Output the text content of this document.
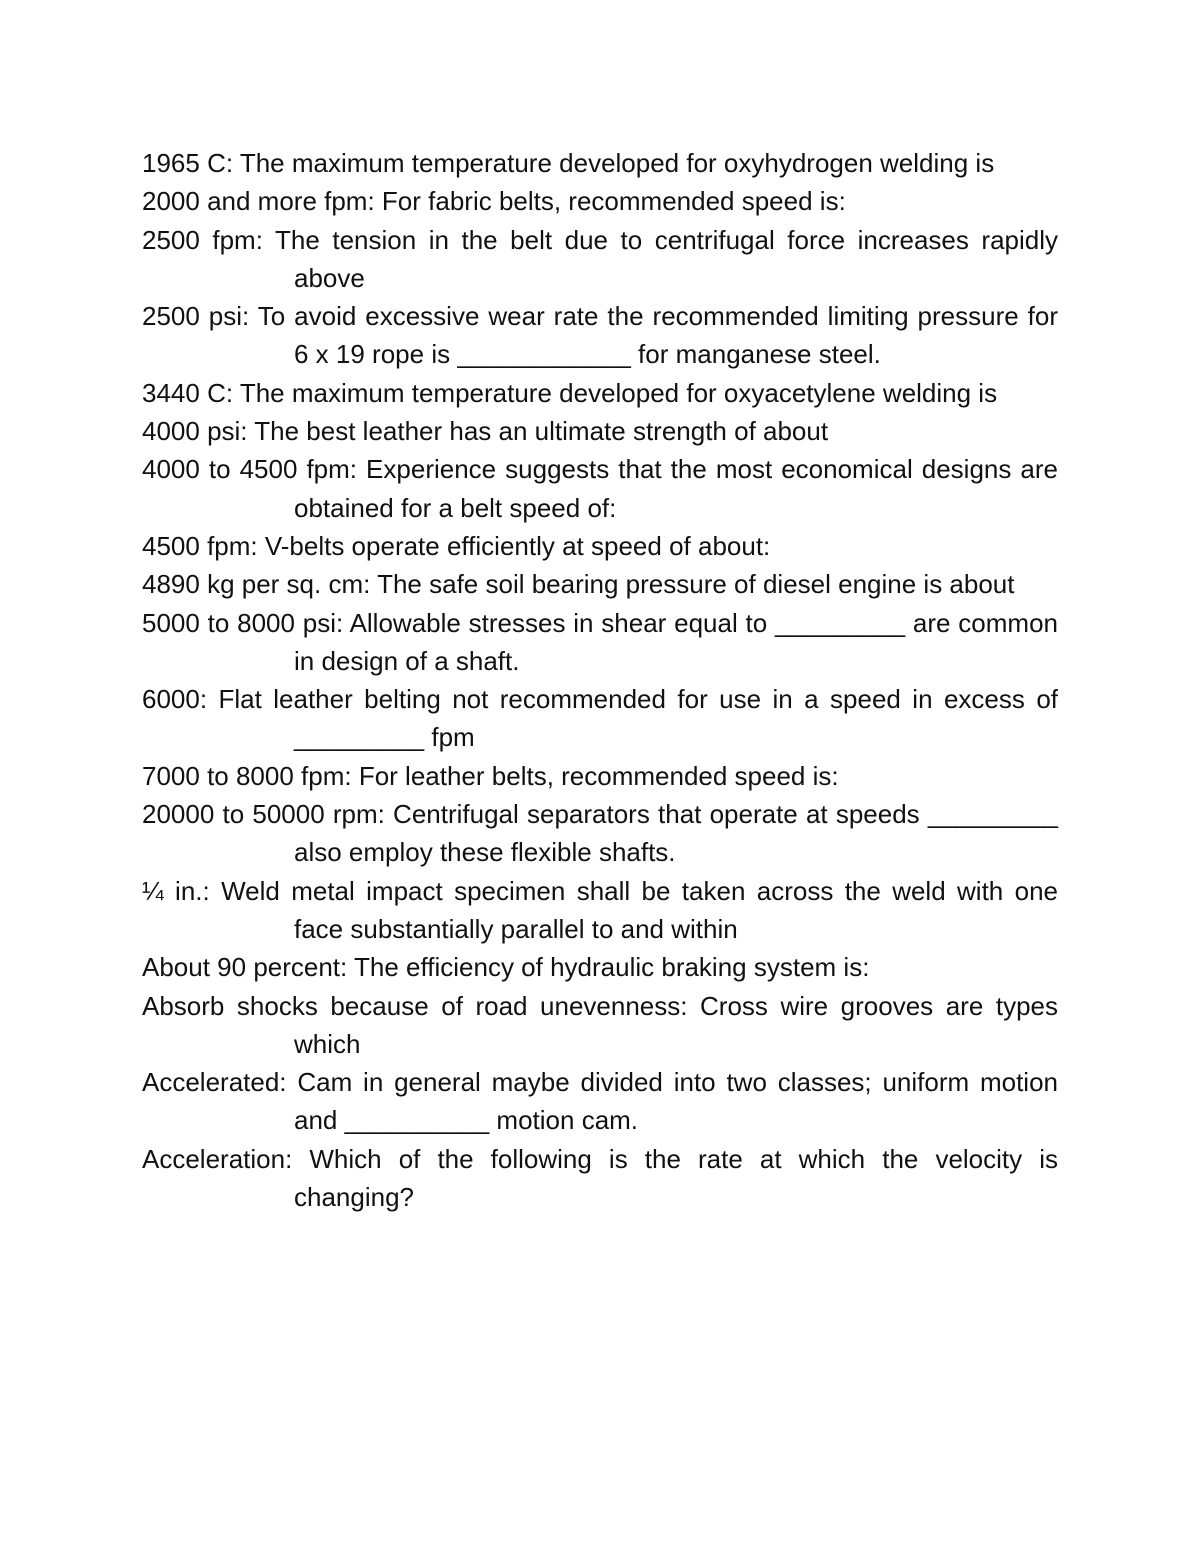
1965 C: The maximum temperature developed for oxyhydrogen welding is

2000 and more fpm: For fabric belts, recommended speed is:

2500 fpm: The tension in the belt due to centrifugal force increases rapidly above

2500 psi: To avoid excessive wear rate the recommended limiting pressure for 6 x 19 rope is ____________ for manganese steel.

3440 C: The maximum temperature developed for oxyacetylene welding is

4000 psi: The best leather has an ultimate strength of about

4000 to 4500 fpm: Experience suggests that the most economical designs are obtained for a belt speed of:

4500 fpm: V-belts operate efficiently at speed of about:

4890 kg per sq. cm: The safe soil bearing pressure of diesel engine is about

5000 to 8000 psi: Allowable stresses in shear equal to _________ are common in design of a shaft.

6000: Flat leather belting not recommended for use in a speed in excess of _________ fpm

7000 to 8000 fpm: For leather belts, recommended speed is:

20000 to 50000 rpm: Centrifugal separators that operate at speeds _________ also employ these flexible shafts.

¼ in.: Weld metal impact specimen shall be taken across the weld with one face substantially parallel to and within

About 90 percent: The efficiency of hydraulic braking system is:

Absorb shocks because of road unevenness: Cross wire grooves are types which

Accelerated: Cam in general maybe divided into two classes; uniform motion and __________ motion cam.

Acceleration: Which of the following is the rate at which the velocity is changing?
